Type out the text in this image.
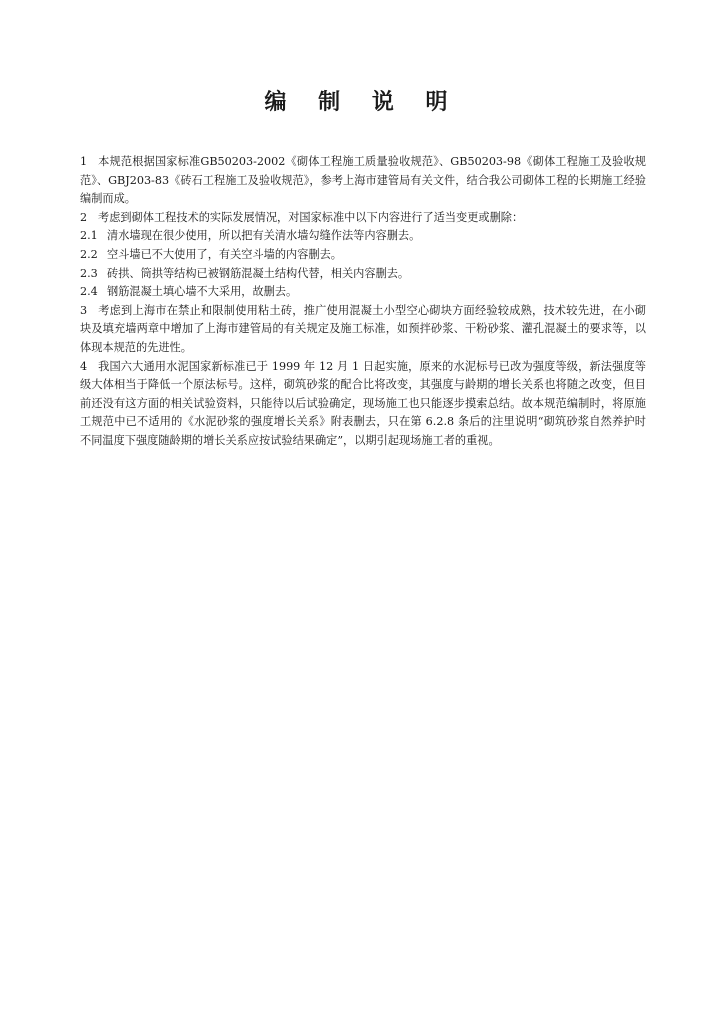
编 制 说 明

1 本规范根据国家标准GB50203-2002《砌体工程施工质量验收规范》、GB50203-98《砌体工程施工及验收规范》、GBJ203-83《砖石工程施工及验收规范》，参考上海市建管局有关文件，结合我公司砌体工程的长期施工经验编制而成。

2 考虑到砌体工程技术的实际发展情况，对国家标准中以下内容进行了适当变更或删除：

2.1 清水墙现在很少使用，所以把有关清水墙勾缝作法等内容删去。

2.2 空斗墙已不大使用了，有关空斗墙的内容删去。

2.3 砖拱、筒拱等结构已被钢筋混凝土结构代替，相关内容删去。

2.4 钢筋混凝土填心墙不大采用，故删去。

3 考虑到上海市在禁止和限制使用粘土砖，推广使用混凝土小型空心砌块方面经验较成熟，技术较先进，在小砌块及填充墙两章中增加了上海市建管局的有关规定及施工标准，如预拌砂浆、干粉砂浆、灌孔混凝土的要求等，以体现本规范的先进性。

4 我国六大通用水泥国家新标准已于 1999 年 12 月 1 日起实施，原来的水泥标号已改为强度等级，新法强度等级大体相当于降低一个原法标号。这样，砌筑砂浆的配合比将改变，其强度与龄期的增长关系也将随之改变，但目前还没有这方面的相关试验资料，只能待以后试验确定，现场施工也只能逐步摸索总结。故本规范编制时，将原施工规范中已不适用的《水泥砂浆的强度增长关系》附表删去，只在第 6.2.8 条后的注里说明“砌筑砂浆自然养护时不同温度下强度随龄期的增长关系应按试验结果确定”，以期引起现场施工者的重视。
